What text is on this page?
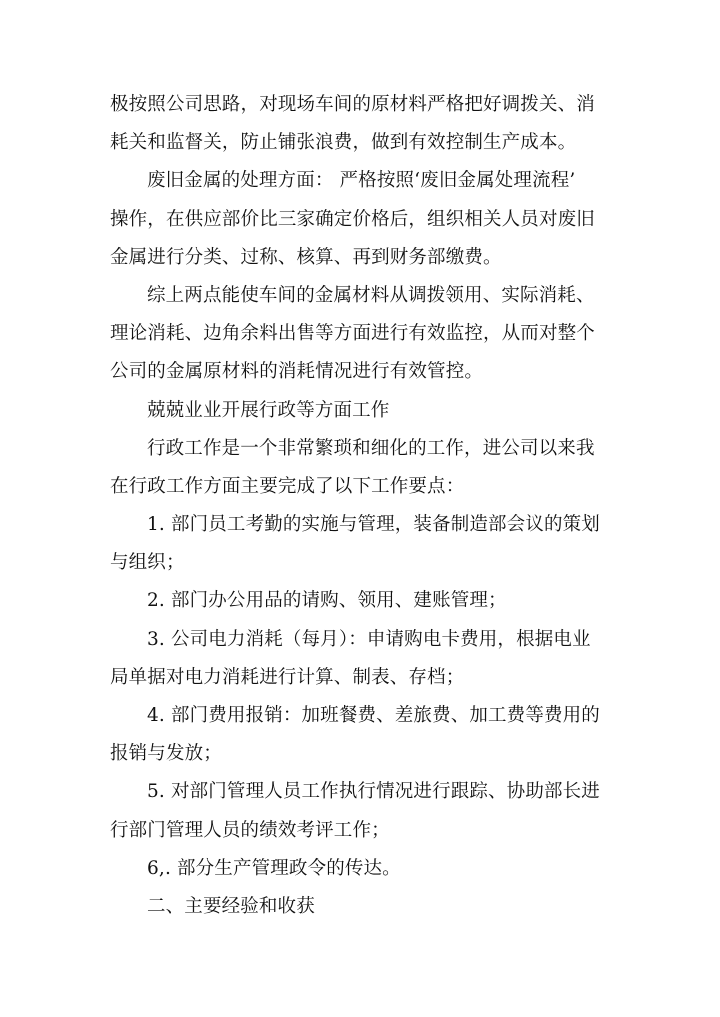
极按照公司思路，对现场车间的原材料严格把好调拨关、消
耗关和监督关，防止铺张浪费，做到有效控制生产成本。
废旧金属的处理方面： 严格按照‘废旧金属处理流程’
操作，在供应部价比三家确定价格后，组织相关人员对废旧
金属进行分类、过称、核算、再到财务部缴费。
综上两点能使车间的金属材料从调拨领用、实际消耗、
理论消耗、边角余料出售等方面进行有效监控，从而对整个
公司的金属原材料的消耗情况进行有效管控。
兢兢业业开展行政等方面工作
行政工作是一个非常繁琐和细化的工作，进公司以来我
在行政工作方面主要完成了以下工作要点：
1. 部门员工考勤的实施与管理，装备制造部会议的策划
与组织；
2. 部门办公用品的请购、领用、建账管理；
3. 公司电力消耗（每月）：申请购电卡费用，根据电业
局单据对电力消耗进行计算、制表、存档；
4. 部门费用报销：加班餐费、差旅费、加工费等费用的
报销与发放；
5. 对部门管理人员工作执行情况进行跟踪、协助部长进
行部门管理人员的绩效考评工作；
6,. 部分生产管理政令的传达。
二、主要经验和收获
